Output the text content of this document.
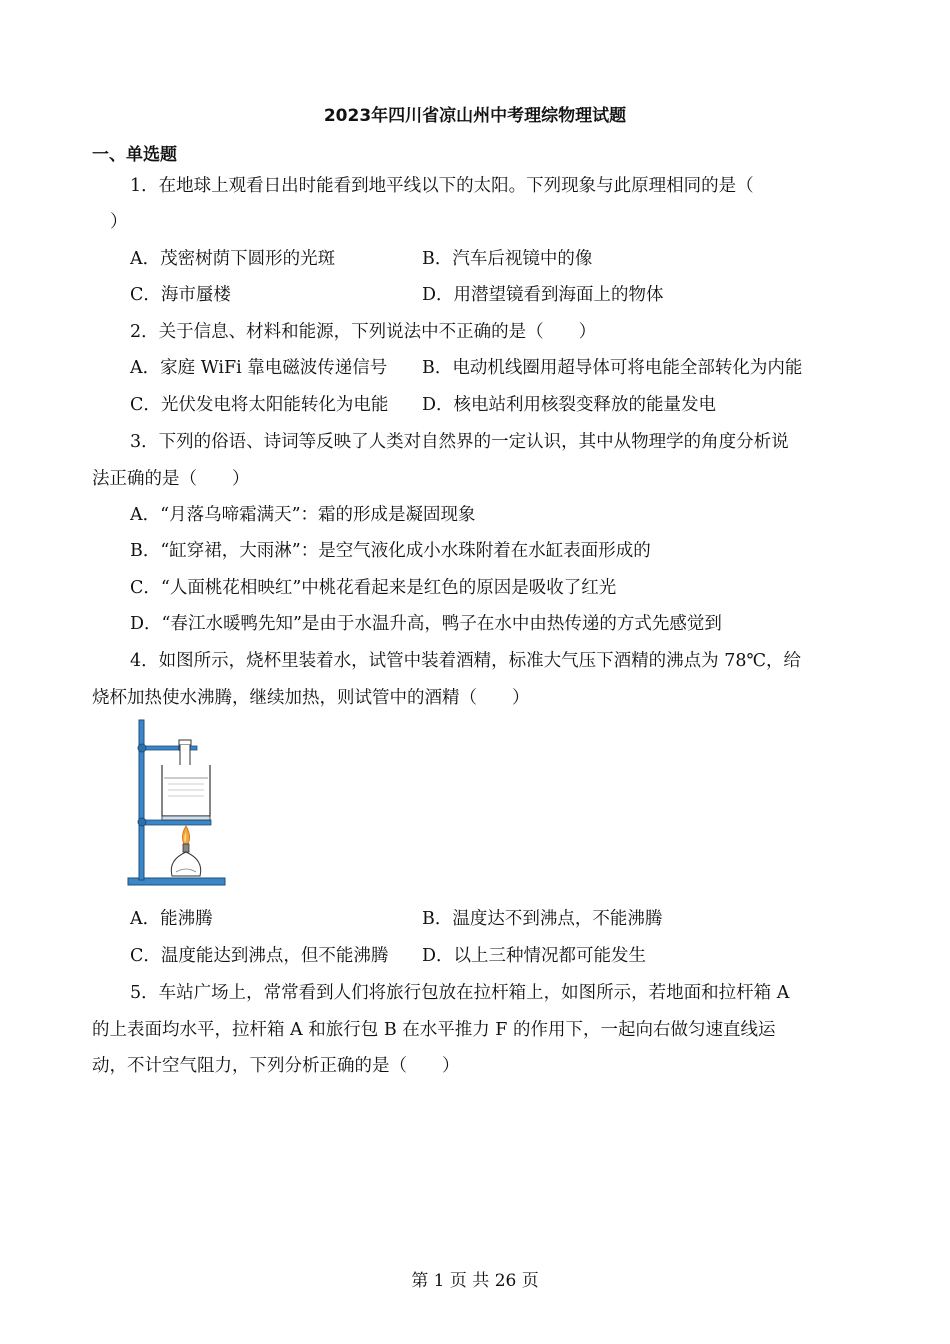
2023年四川省凉山州中考理综物理试题
一、单选题
1．在地球上观看日出时能看到地平线以下的太阳。下列现象与此原理相同的是（
）
A．茂密树荫下圆形的光斑	B．汽车后视镜中的像
C．海市蜃楼	D．用潜望镜看到海面上的物体
2．关于信息、材料和能源，下列说法中不正确的是（　　）
A．家庭 WiFi 靠电磁波传递信号 B．电动机线圈用超导体可将电能全部转化为内能
C．光伏发电将太阳能转化为电能 D．核电站利用核裂变释放的能量发电
3．下列的俗语、诗词等反映了人类对自然界的一定认识，其中从物理学的角度分析说
法正确的是（　　）
A．“月落乌啼霜满天”：霜的形成是凝固现象
B．“缸穿裙，大雨淋”：是空气液化成小水珠附着在水缸表面形成的
C．“人面桃花相映红”中桃花看起来是红色的原因是吸收了红光
D．“春江水暖鸭先知”是由于水温升高，鸭子在水中由热传递的方式先感觉到
4．如图所示，烧杯里装着水，试管中装着酒精，标准大气压下酒精的沸点为 78℃，给
烧杯加热使水沸腾，继续加热，则试管中的酒精（　　）
A．能沸腾	B．温度达不到沸点，不能沸腾
C．温度能达到沸点，但不能沸腾 D．以上三种情况都可能发生
5．车站广场上，常常看到人们将旅行包放在拉杆箱上，如图所示，若地面和拉杆箱 A
的上表面均水平，拉杆箱 A 和旅行包 B 在水平推力 F 的作用下，一起向右做匀速直线运
动，不计空气阻力，下列分析正确的是（　　）
第 1 页 共 26 页
